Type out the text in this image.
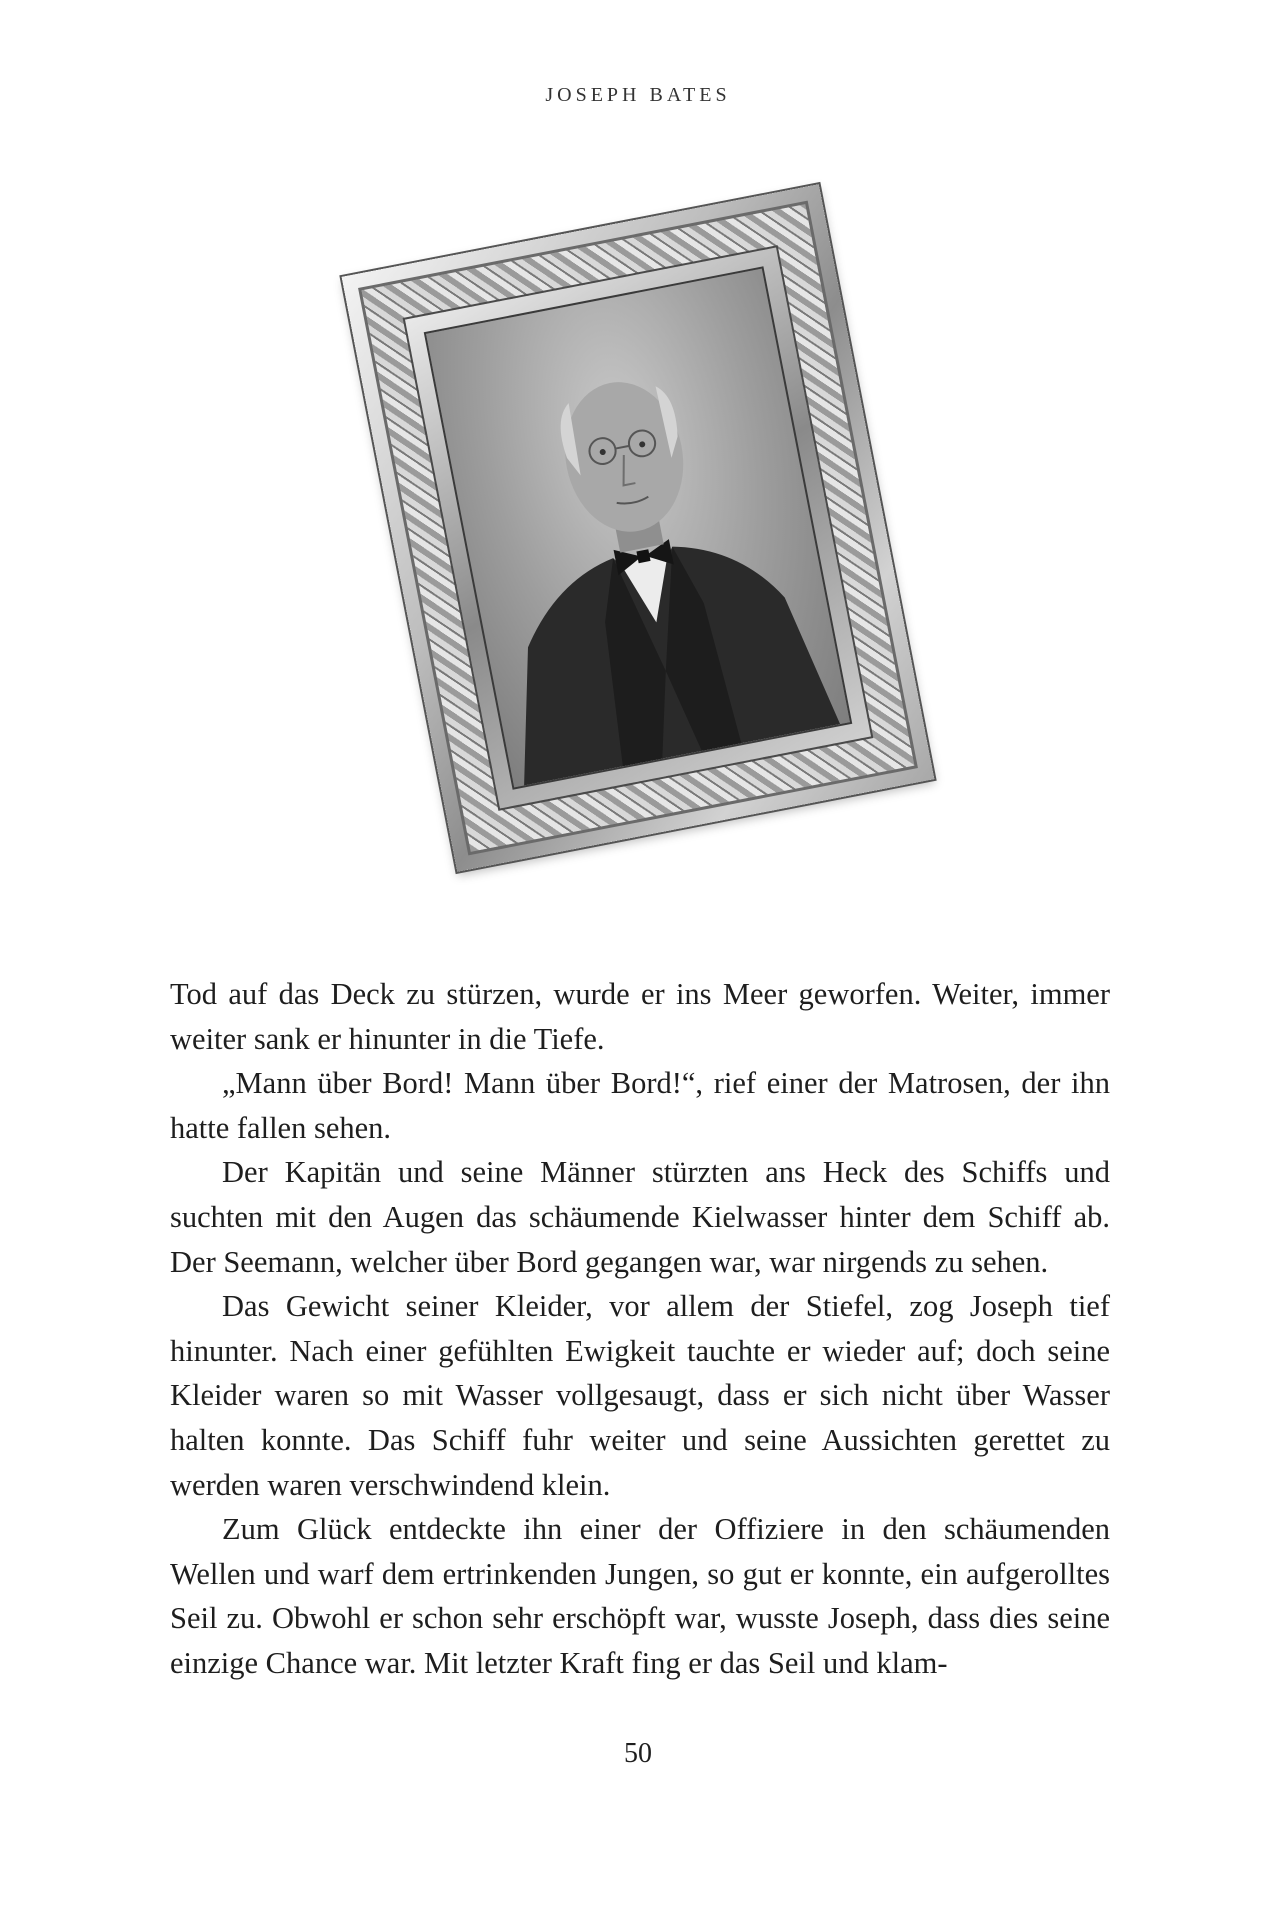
JOSEPH BATES

Tod auf das Deck zu stürzen, wurde er ins Meer geworfen. Weiter, immer weiter sank er hinunter in die Tiefe.

„Mann über Bord! Mann über Bord!“, rief einer der Matrosen, der ihn hatte fallen sehen.

Der Kapitän und seine Männer stürzten ans Heck des Schiffs und suchten mit den Augen das schäumende Kielwasser hinter dem Schiff ab. Der Seemann, welcher über Bord gegangen war, war nirgends zu sehen.

Das Gewicht seiner Kleider, vor allem der Stiefel, zog Joseph tief hinunter. Nach einer gefühlten Ewigkeit tauchte er wieder auf; doch seine Kleider waren so mit Wasser vollgesaugt, dass er sich nicht über Wasser halten konnte. Das Schiff fuhr weiter und seine Aussichten gerettet zu werden waren verschwindend klein.

Zum Glück entdeckte ihn einer der Offiziere in den schäumenden Wellen und warf dem ertrinkenden Jungen, so gut er konnte, ein aufgerolltes Seil zu. Obwohl er schon sehr erschöpft war, wusste Joseph, dass dies seine einzige Chance war. Mit letzter Kraft fing er das Seil und klam-

50
